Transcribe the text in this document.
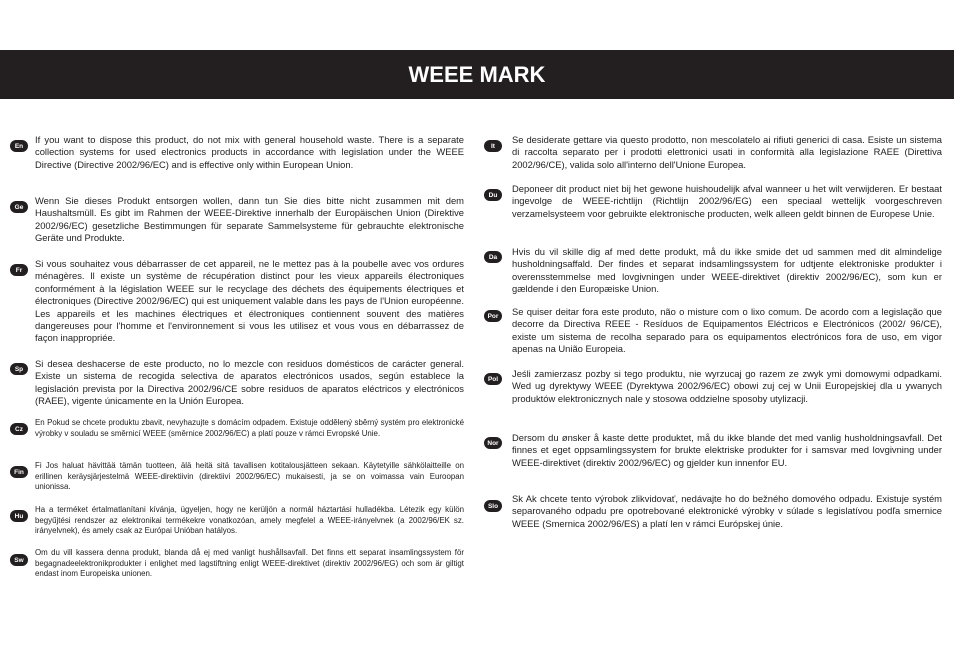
WEEE MARK
En
If you want to dispose this product, do not mix with general household waste. There is a separate collection systems for used electronics products in accordance with legislation under the WEEE Directive (Directive 2002/96/EC) and is effective only within European Union.
Ge
Wenn Sie dieses Produkt entsorgen wollen, dann tun Sie dies bitte nicht zusammen mit dem Haushaltsmüll. Es gibt im Rahmen der WEEE-Direktive innerhalb der Europäischen Union (Direktive 2002/96/EC) gesetzliche Bestimmungen für separate Sammelsysteme für gebrauchte elektronische Geräte und Produkte.
Fr
Si vous souhaitez vous débarrasser de cet appareil, ne le mettez pas à la poubelle avec vos ordures ménagères. Il existe un système de récupération distinct pour les vieux appareils électroniques conformément à la législation WEEE sur le recyclage des déchets des équipements électriques et électroniques (Directive 2002/96/EC) qui est uniquement valable dans les pays de l'Union européenne. Les appareils et les machines électriques et électroniques contiennent souvent des matières dangereuses pour l'homme et l'environnement si vous les utilisez et vous vous en débarrassez de façon inappropriée.
Sp	Si desea deshacerse de este producto, no lo mezcle con residuos domésticos de carácter general. Existe un sistema de recogida selectiva de aparatos electrónicos usados, según establece la legislación prevista por la Directiva 2002/96/CE sobre residuos de aparatos eléctricos y electrónicos (RAEE), vigente únicamente en la Unión Europea.
Cz
En Pokud se chcete produktu zbavit, nevyhazujte s domácím odpadem. Existuje oddělený sběrný systém pro elektronické výrobky v souladu se směrnicí WEEE (směrnice 2002/96/EC) a platí pouze v rámci Evropské Unie.
Fin
Fi Jos haluat hävittää tämän tuotteen, älä heitä sitä tavallisen kotitalousjätteen sekaan. Käytetyille sähkölaitteille on erillinen keräysjärjestelmä WEEE-direktiivin (direktiivi 2002/96/EC) mukaisesti, ja se on voimassa vain Euroopan unionissa.
Hu
Ha a terméket értalmatlanítani kívánja, ügyeljen, hogy ne kerüljön a normál háztartási hulladékba. Létezik egy külön begyűjtési rendszer az elektronikai termékekre vonatkozóan, amely megfelel a WEEE-irányelvnek (a 2002/96/EK sz. irányelvnek), és amely csak az Európai Unióban hatályos.
Sw
Om du vill kassera denna produkt, blanda då ej med vanligt hushållsavfall. Det finns ett separat insamlingssystem för begagnadeelektronikprodukter i enlighet med lagstiftning enligt WEEE-direktivet (direktiv 2002/96/EG) och som är giltigt endast inom Europeiska unionen.
It
Se desiderate gettare via questo prodotto, non mescolatelo ai rifiuti generici di casa. Esiste un sistema di raccolta separato per i prodotti elettronici usati in conformità alla legislazione RAEE (Direttiva 2002/96/CE), valida solo all'interno dell'Unione Europea.
Du
Deponeer dit product niet bij het gewone huishoudelijk afval wanneer u het wilt verwijderen. Er bestaat ingevolge de WEEE-richtlijn (Richtlijn 2002/96/EG) een speciaal wettelijk voorgeschreven verzamelsysteem voor gebruikte elektronische producten, welk alleen geldt binnen de Europese Unie.
Da	Hvis du vil skille dig af med dette produkt, må du ikke smide det ud sammen med dit almindelige husholdningsaffald. Der findes et separat indsamlingssystem for udtjente elektroniske produkter i overensstemmelse med lovgivningen under WEEE-direktivet (direktiv 2002/96/EC), som kun er gældende i den Europæiske Union.
Por	Se quiser deitar fora este produto, não o misture com o lixo comum. De acordo com a legislação que decorre da Directiva REEE - Resíduos de Equipamentos Eléctricos e Electrónicos (2002/ 96/CE), existe um sistema de recolha separado para os equipamentos electrónicos fora de uso, em vigor apenas na União Europeia.
Pol	Jeśli zamierzasz pozby si tego produktu, nie wyrzucaj go razem ze zwyk ymi domowymi odpadkami. Wed ug dyrektywy WEEE (Dyrektywa 2002/96/EC) obowi zuj cej w Unii Europejskiej dla u ywanych produktów elektronicznych nale y stosowa oddzielne sposoby utylizacji.
Nor	Dersom du ønsker å kaste dette produktet, må du ikke blande det med vanlig husholdningsavfall. Det finnes et eget oppsamlingssystem for brukte elektriske produkter for i samsvar med lovgivning under WEEE-direktivet (direktiv 2002/96/EC) og gjelder kun innenfor EU.
Slo
Sk Ak chcete tento výrobok zlikvidovať, nedávajte ho do bežného domového odpadu. Existuje systém separovaného odpadu pre opotrebované elektronické výrobky v súlade s legislatívou podľa smernice WEEE (Smernica 2002/96/ES) a platí len v rámci Európskej únie.
